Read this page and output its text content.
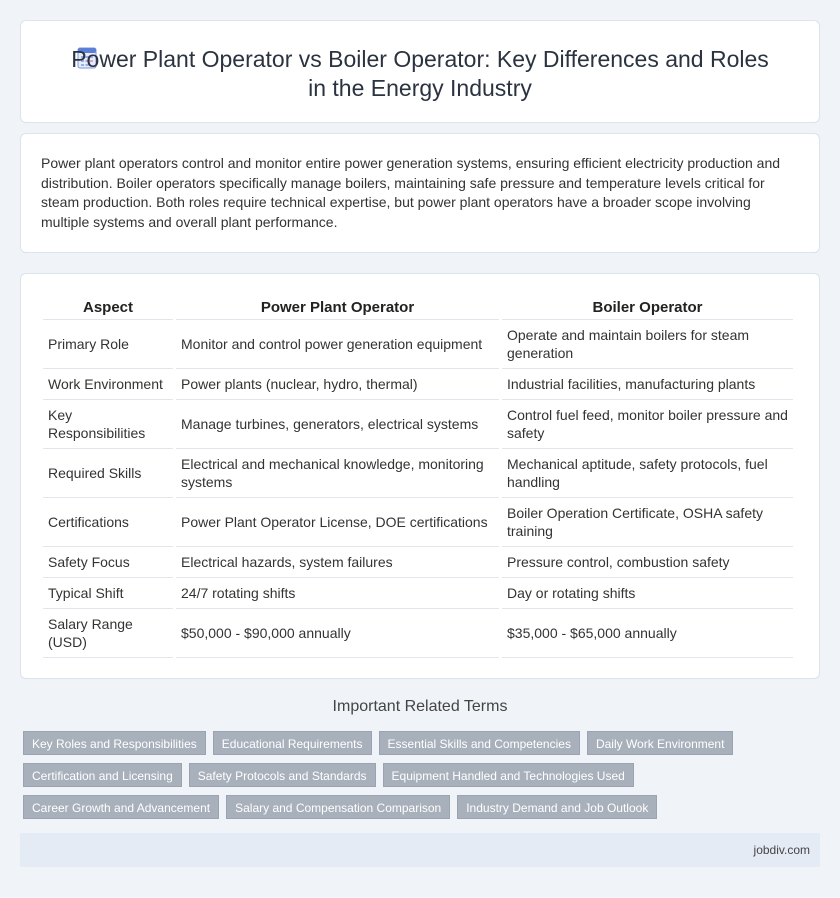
Power Plant Operator vs Boiler Operator: Key Differences and Roles in the Energy Industry

Power plant operators control and monitor entire power generation systems, ensuring efficient electricity production and distribution. Boiler operators specifically manage boilers, maintaining safe pressure and temperature levels critical for steam production. Both roles require technical expertise, but power plant operators have a broader scope involving multiple systems and overall plant performance.

Aspect	Power Plant Operator	Boiler Operator
Primary Role	Monitor and control power generation equipment	Operate and maintain boilers for steam generation
Work Environment	Power plants (nuclear, hydro, thermal)	Industrial facilities, manufacturing plants
Key Responsibilities	Manage turbines, generators, electrical systems	Control fuel feed, monitor boiler pressure and safety
Required Skills	Electrical and mechanical knowledge, monitoring systems	Mechanical aptitude, safety protocols, fuel handling
Certifications	Power Plant Operator License, DOE certifications	Boiler Operation Certificate, OSHA safety training
Safety Focus	Electrical hazards, system failures	Pressure control, combustion safety
Typical Shift	24/7 rotating shifts	Day or rotating shifts
Salary Range (USD)	$50,000 - $90,000 annually	$35,000 - $65,000 annually
Important Related Terms
Key Roles and Responsibilities	Educational Requirements	Essential Skills and Competencies	Daily Work Environment
Certification and Licensing	Safety Protocols and Standards	Equipment Handled and Technologies Used
Career Growth and Advancement	Salary and Compensation Comparison	Industry Demand and Job Outlook
jobdiv.com
